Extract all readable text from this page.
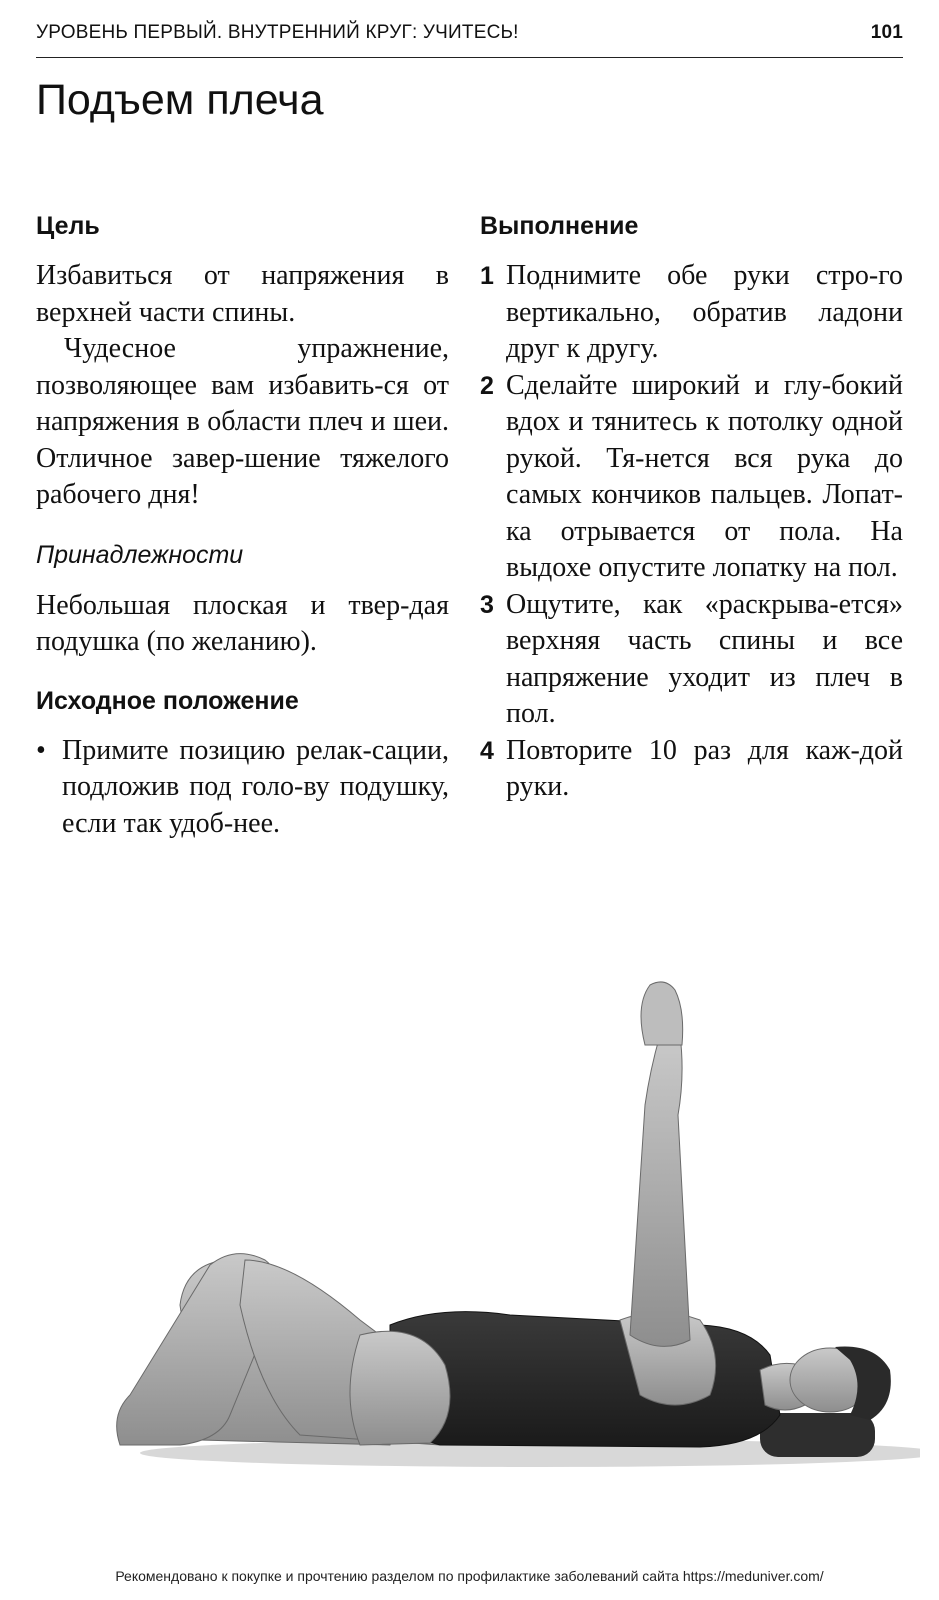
УРОВЕНЬ ПЕРВЫЙ. ВНУТРЕННИЙ КРУГ: УЧИТЕСЬ!	101
Подъем плеча
Цель

Избавиться от напряжения в верхней части спины.

Чудесное упражнение, позволяющее вам избавить-ся от напряжения в области плеч и шеи. Отличное завер-шение тяжелого рабочего дня!

Принадлежности

Небольшая плоская и твер-дая подушка (по желанию).

Исходное положение
• Примите позицию релак-сации, подложив под голо-ву подушку, если так удоб-нее.

Выполнение
1 Поднимите обе руки стро-го вертикально, обратив ладони друг к другу.

2 Сделайте широкий и глу-бокий вдох и тянитесь к потолку одной рукой. Тя-нется вся рука до самых кончиков пальцев. Лопат-ка отрывается от пола. На выдохе опустите лопатку на пол.

3 Ощутите, как «раскрыва-ется» верхняя часть спины и все напряжение уходит из плеч в пол.

4 Повторите 10 раз для каж-дой руки.

Рекомендовано к покупке и прочтению разделом по профилактике заболеваний сайта https://meduniver.com/
